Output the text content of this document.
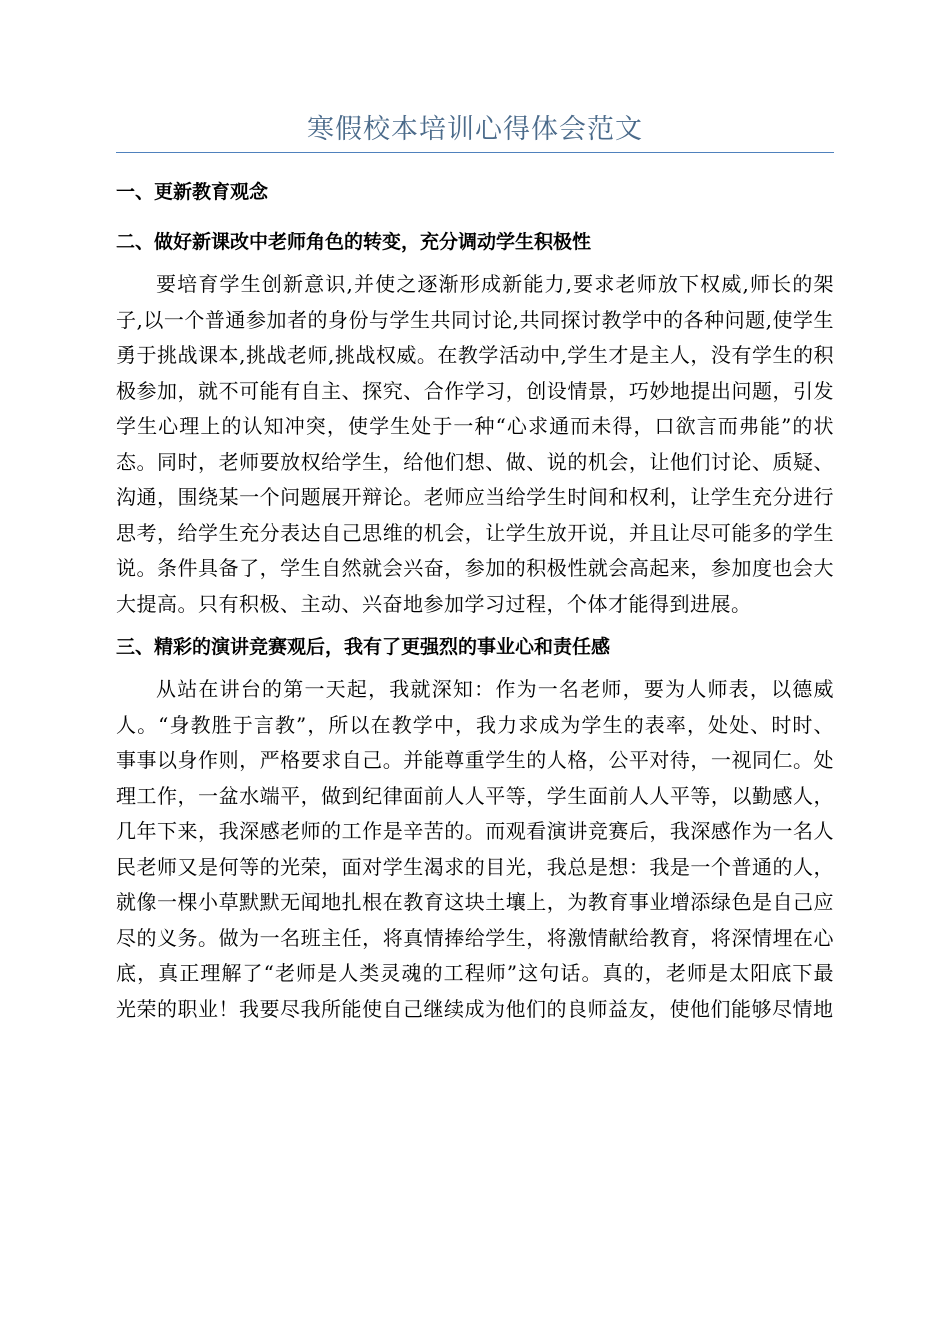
寒假校本培训心得体会范文
一、更新教育观念
二、做好新课改中老师角色的转变，充分调动学生积极性

要培育学生创新意识,并使之逐渐形成新能力,要求老师放下权威,师长的架子,以一个普通参加者的身份与学生共同讨论,共同探讨教学中的各种问题,使学生勇于挑战课本,挑战老师,挑战权威。在教学活动中,学生才是主人，没有学生的积极参加，就不可能有自主、探究、合作学习，创设情景，巧妙地提出问题，引发学生心理上的认知冲突，使学生处于一种“心求通而未得，口欲言而弗能”的状态。同时，老师要放权给学生，给他们想、做、说的机会，让他们讨论、质疑、沟通，围绕某一个问题展开辩论。老师应当给学生时间和权利，让学生充分进行思考，给学生充分表达自己思维的机会，让学生放开说，并且让尽可能多的学生说。条件具备了，学生自然就会兴奋，参加的积极性就会高起来，参加度也会大大提高。只有积极、主动、兴奋地参加学习过程，个体才能得到进展。

三、精彩的演讲竞赛观后，我有了更强烈的事业心和责任感

从站在讲台的第一天起，我就深知：作为一名老师，要为人师表，以德威人。“身教胜于言教”，所以在教学中，我力求成为学生的表率，处处、时时、事事以身作则，严格要求自己。并能尊重学生的人格，公平对待，一视同仁。处理工作，一盆水端平，做到纪律面前人人平等，学生面前人人平等，以勤感人，几年下来，我深感老师的工作是辛苦的。而观看演讲竞赛后，我深感作为一名人民老师又是何等的光荣，面对学生渴求的目光，我总是想：我是一个普通的人，就像一棵小草默默无闻地扎根在教育这块土壤上，为教育事业增添绿色是自己应尽的义务。做为一名班主任，将真情捧给学生，将激情献给教育，将深情埋在心底，真正理解了“老师是人类灵魂的工程师”这句话。真的，老师是太阳底下最光荣的职业！我要尽我所能使自己继续成为他们的良师益友，使他们能够尽情地
